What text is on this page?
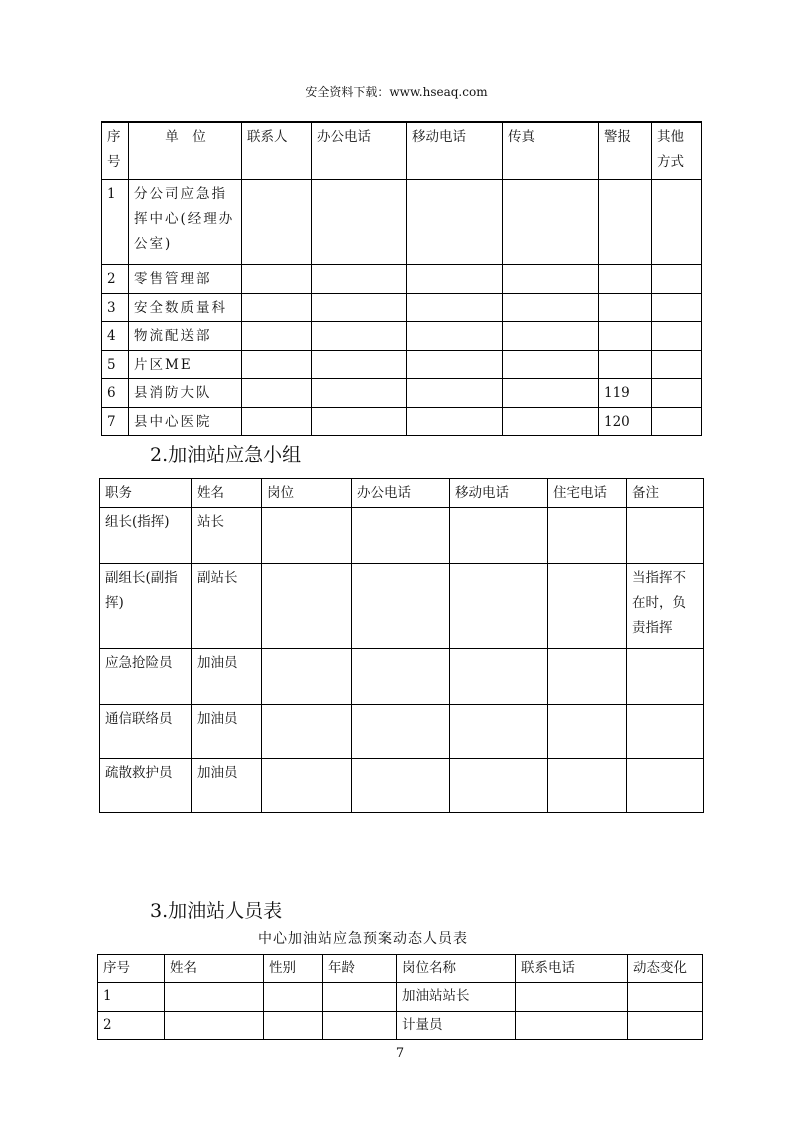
安全资料下载：www.hseaq.com
序号	单　位	联系人	办公电话	移动电话	传真	警报	其他方式
1	分公司应急指挥中心(经理办公室)						
2	零售管理部						
3	安全数质量科						
4	物流配送部						
5	片区ME						
6	县消防大队					119	
7	县中心医院					120	
2.加油站应急小组
职务	姓名	岗位	办公电话	移动电话	住宅电话	备注
组长(指挥)	站长					
副组长(副指挥)	副站长					当指挥不在时，负责指挥
应急抢险员	加油员					
通信联络员	加油员					
疏散救护员	加油员					
3.加油站人员表
中心加油站应急预案动态人员表
序号	姓名	性别	年龄	岗位名称	联系电话	动态变化
1				加油站站长		
2				计量员		
7
